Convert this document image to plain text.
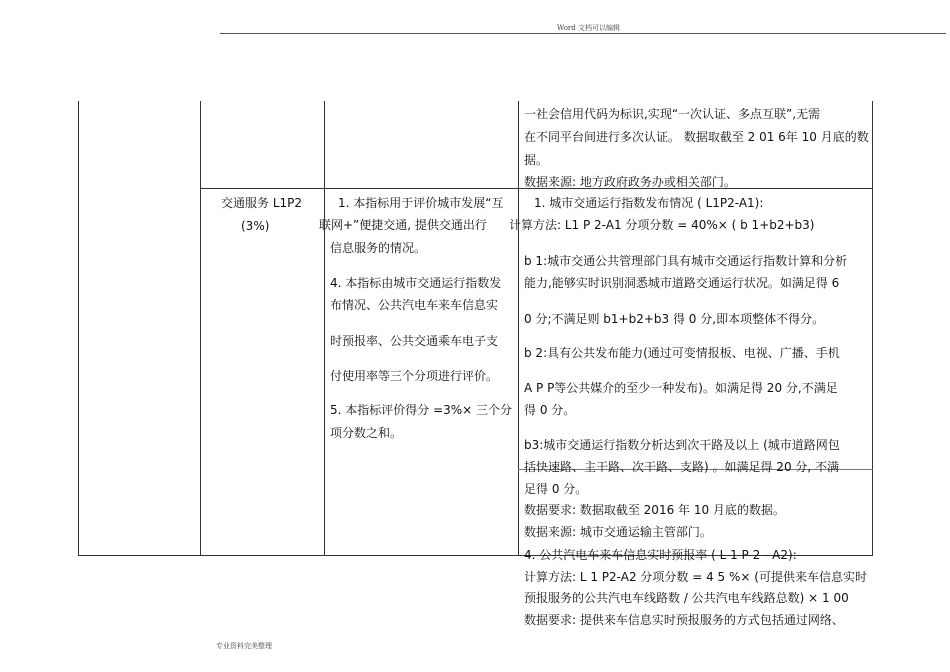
Word 文档可以编辑
一社会信用代码为标识,实现“一次认证、多点互联”,无需
在不同平台间进行多次认证。 数据取截至 2 01 6年 10 月底的数
据。
数据来源: 地方政府政务办或相关部门。
交通服务 L1P2
(3%)
1. 本指标用于评价城市发展“互
联网+”便捷交通, 提供交通出行
信息服务的情况。
4. 本指标由城市交通运行指数发
布情况、公共汽电车来车信息实
时预报率、公共交通乘车电子支
付使用率等三个分项进行评价。
5. 本指标评价得分 =3%× 三个分
项分数之和。
1. 城市交通运行指数发布情况 ( L1P2-A1):
计算方法: L1 P 2-A1 分项分数 = 40%× ( b 1+b2+b3)
b 1:城市交通公共管理部门具有城市交通运行指数计算和分析
能力,能够实时识别洞悉城市道路交通运行状况。如满足得 6
0 分;不满足则 b1+b2+b3 得 0 分,即本项整体不得分。
b 2:具有公共发布能力(通过可变情报板、电视、广播、手机
A P P等公共媒介的至少一种发布)。如满足得 20 分,不满足
得 0 分。
b3:城市交通运行指数分析达到次干路及以上 (城市道路网包
括快速路、主干路、次干路、支路) 。如满足得 20 分, 不满
足得 0 分。
数据要求: 数据取截至 2016 年 10 月底的数据。
数据来源: 城市交通运输主管部门。
4. 公共汽电车来车信息实时预报率 ( L 1 P 2 - A2):
计算方法: L 1 P2-A2 分项分数 = 4 5 %× (可提供来车信息实时
预报服务的公共汽电车线路数 / 公共汽电车线路总数) × 1 00
数据要求: 提供来车信息实时预报服务的方式包括通过网络、
专业资料完美整理
